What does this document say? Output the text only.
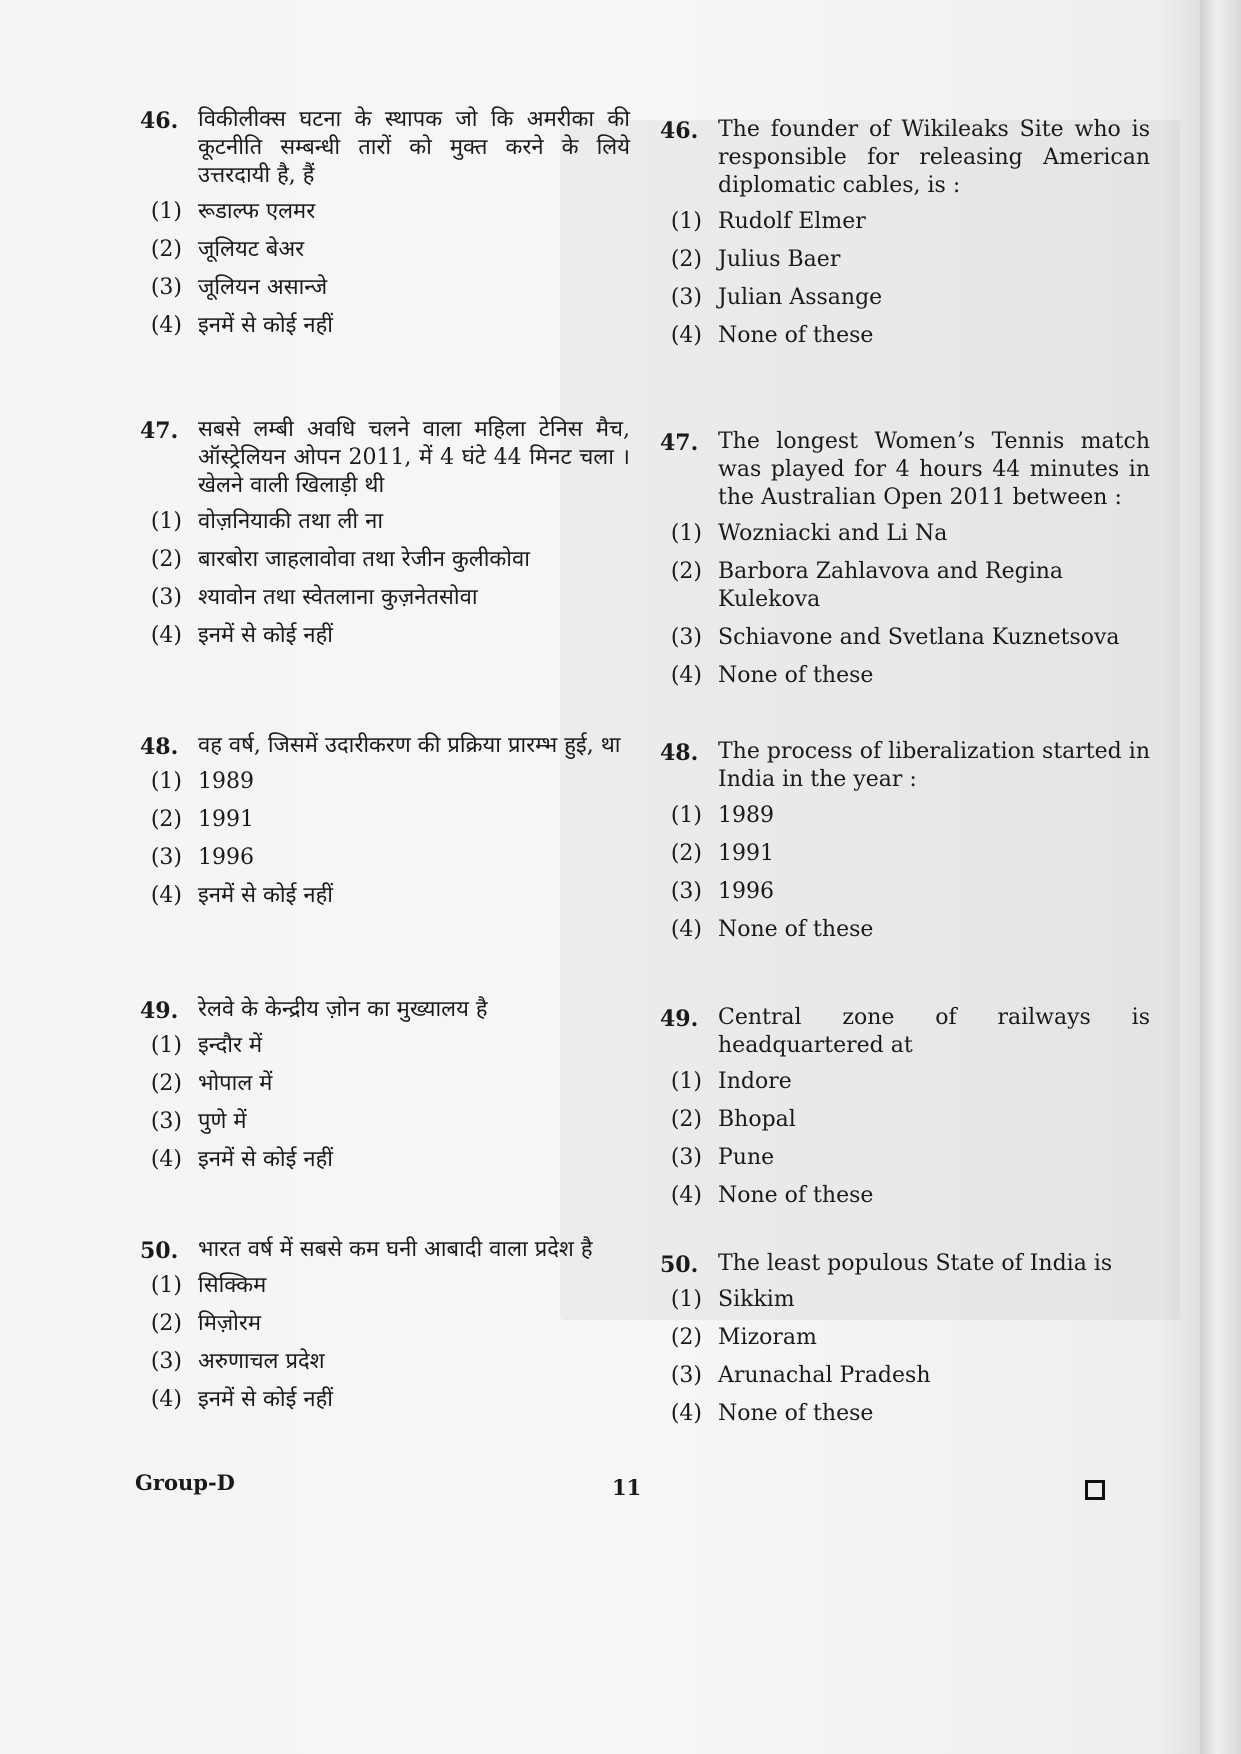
46. विकीलीक्स घटना के स्थापक जो कि अमरीका की कूटनीति सम्बन्धी तारों को मुक्त करने के लिये उत्तरदायी है, हैं
(1) रूडाल्फ एलमर
(2) जूलियट बेअर
(3) जूलियन असान्जे
(4) इनमें से कोई नहीं
47. सबसे लम्बी अवधि चलने वाला महिला टेनिस मैच, ऑस्ट्रेलियन ओपन 2011, में 4 घंटे 44 मिनट चला । खेलने वाली खिलाड़ी थी
(1) वोज़नियाकी तथा ली ना
(2) बारबोरा जाहलावोवा तथा रेजीन कुलीकोवा
(3) श्यावोन तथा स्वेतलाना कुज़नेतसोवा
(4) इनमें से कोई नहीं
48. वह वर्ष, जिसमें उदारीकरण की प्रक्रिया प्रारम्भ हुई, था
(1) 1989
(2) 1991
(3) 1996
(4) इनमें से कोई नहीं
49. रेलवे के केन्द्रीय ज़ोन का मुख्यालय है
(1) इन्दौर में
(2) भोपाल में
(3) पुणे में
(4) इनमें से कोई नहीं
50. भारत वर्ष में सबसे कम घनी आबादी वाला प्रदेश है
(1) सिक्किम
(2) मिज़ोरम
(3) अरुणाचल प्रदेश
(4) इनमें से कोई नहीं
46. The founder of Wikileaks Site who is responsible for releasing American diplomatic cables, is :
(1) Rudolf Elmer
(2) Julius Baer
(3) Julian Assange
(4) None of these
47. The longest Women’s Tennis match was played for 4 hours 44 minutes in the Australian Open 2011 between :
(1) Wozniacki and Li Na
(2) Barbora Zahlavova and Regina Kulekova
(3) Schiavone and Svetlana Kuznetsova
(4) None of these
48. The process of liberalization started in India in the year :
(1) 1989
(2) 1991
(3) 1996
(4) None of these
49. Central zone of railways is headquartered at
(1) Indore
(2) Bhopal
(3) Pune
(4) None of these
50. The least populous State of India is
(1) Sikkim
(2) Mizoram
(3) Arunachal Pradesh
(4) None of these
Group-D	11
